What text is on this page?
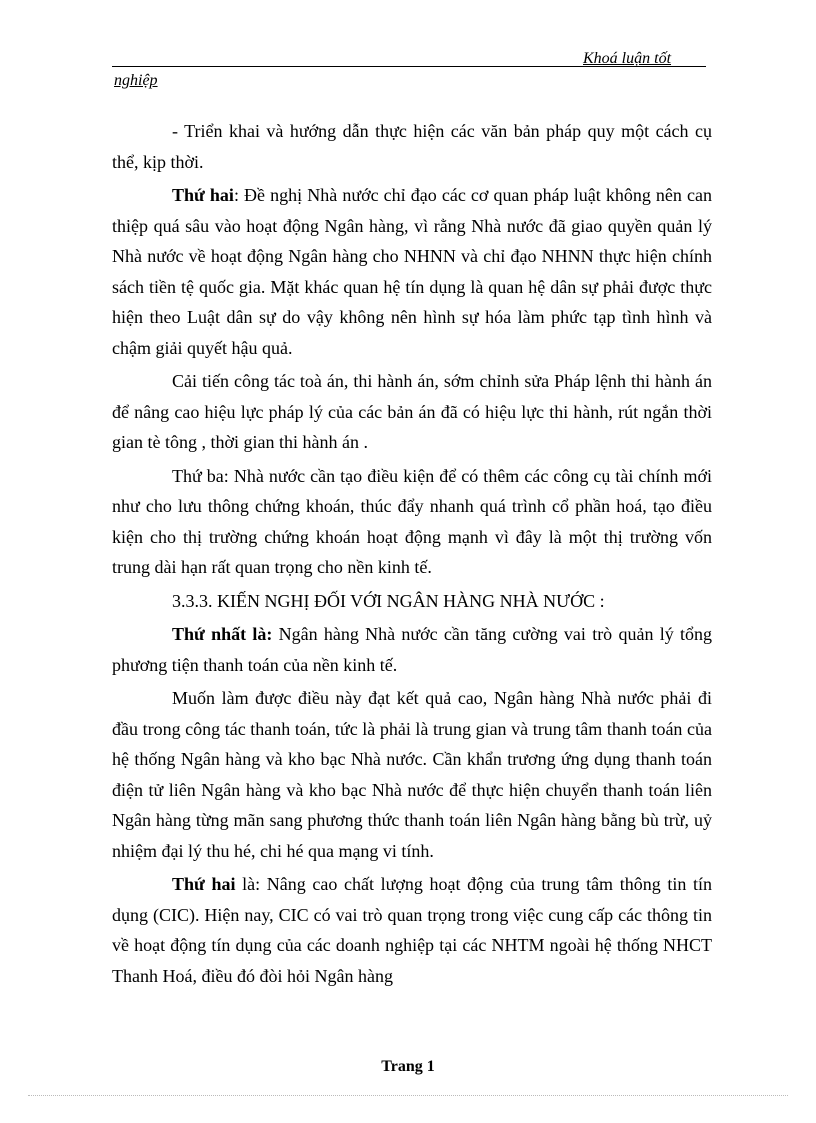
Khoá luận tốt
nghiệp

- Triển khai và hướng dẫn thực hiện các văn bản pháp quy một cách cụ thể, kịp thời.

Thứ hai: Đề nghị Nhà nước chỉ đạo các cơ quan pháp luật không nên can thiệp quá sâu vào hoạt động Ngân hàng, vì rằng Nhà nước đã giao quyền quản lý Nhà nước về hoạt động Ngân hàng cho NHNN và chỉ đạo NHNN thực hiện chính sách tiền tệ quốc gia. Mặt khác quan hệ tín dụng là quan hệ dân sự phải được thực hiện theo Luật dân sự do vậy không nên hình sự hóa làm phức tạp tình hình và chậm giải quyết hậu quả.

Cải tiến công tác toà án, thi hành án, sớm chỉnh sửa Pháp lệnh thi hành án để nâng cao hiệu lực pháp lý của các bản án đã có hiệu lực thi hành, rút ngắn thời gian tè tông , thời gian thi hành án .

Thứ ba: Nhà nước cần tạo điều kiện để có thêm các công cụ tài chính mới như cho lưu thông chứng khoán, thúc đẩy nhanh quá trình cổ phần hoá, tạo điều kiện cho thị trường chứng khoán hoạt động mạnh vì đây là một thị trường vốn trung dài hạn rất quan trọng cho nền kinh tế.

3.3.3. KIẾN NGHỊ ĐỐI VỚI NGÂN HÀNG NHÀ NƯỚC :

Thứ nhất là: Ngân hàng Nhà nước cần tăng cường vai trò quản lý tổng phương tiện thanh toán của nền kinh tế.

Muốn làm được điều này đạt kết quả cao, Ngân hàng Nhà nước phải đi đầu trong công tác thanh toán, tức là phải là trung gian và trung tâm thanh toán của hệ thống Ngân hàng và kho bạc Nhà nước. Cần khẩn trương ứng dụng thanh toán điện tử liên Ngân hàng và kho bạc Nhà nước để thực hiện chuyển thanh toán liên Ngân hàng từng mãn sang phương thức thanh toán liên Ngân hàng bằng bù trừ, uỷ nhiệm đại lý thu hé, chi hé qua mạng vi tính.

Thứ hai là: Nâng cao chất lượng hoạt động của trung tâm thông tin tín dụng (CIC). Hiện nay, CIC có vai trò quan trọng trong việc cung cấp các thông tin về hoạt động tín dụng của các doanh nghiệp tại các NHTM ngoài hệ thống NHCT Thanh Hoá, điều đó đòi hỏi Ngân hàng

Trang 1
